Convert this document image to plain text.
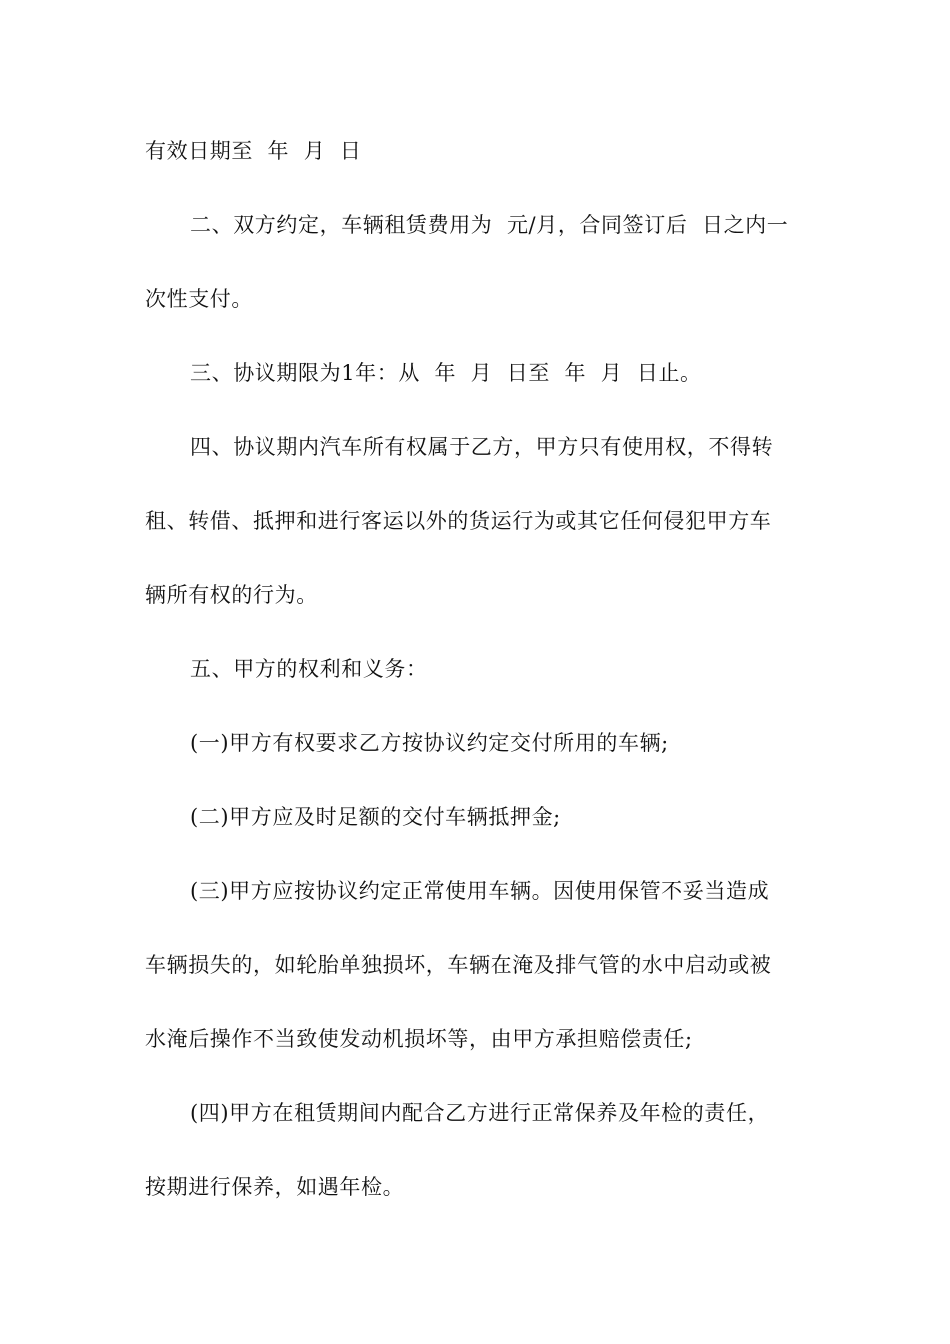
有效日期至  年  月  日
二、双方约定，车辆租赁费用为  元/月，合同签订后  日之内一
次性支付。
三、协议期限为1年：从  年  月  日至  年  月  日止。
四、协议期内汽车所有权属于乙方，甲方只有使用权，不得转
租、转借、抵押和进行客运以外的货运行为或其它任何侵犯甲方车
辆所有权的行为。
五、甲方的权利和义务：
(一)甲方有权要求乙方按协议约定交付所用的车辆;
(二)甲方应及时足额的交付车辆抵押金;
(三)甲方应按协议约定正常使用车辆。因使用保管不妥当造成
车辆损失的，如轮胎单独损坏，车辆在淹及排气管的水中启动或被
水淹后操作不当致使发动机损坏等，由甲方承担赔偿责任;
(四)甲方在租赁期间内配合乙方进行正常保养及年检的责任，
按期进行保养，如遇年检。
